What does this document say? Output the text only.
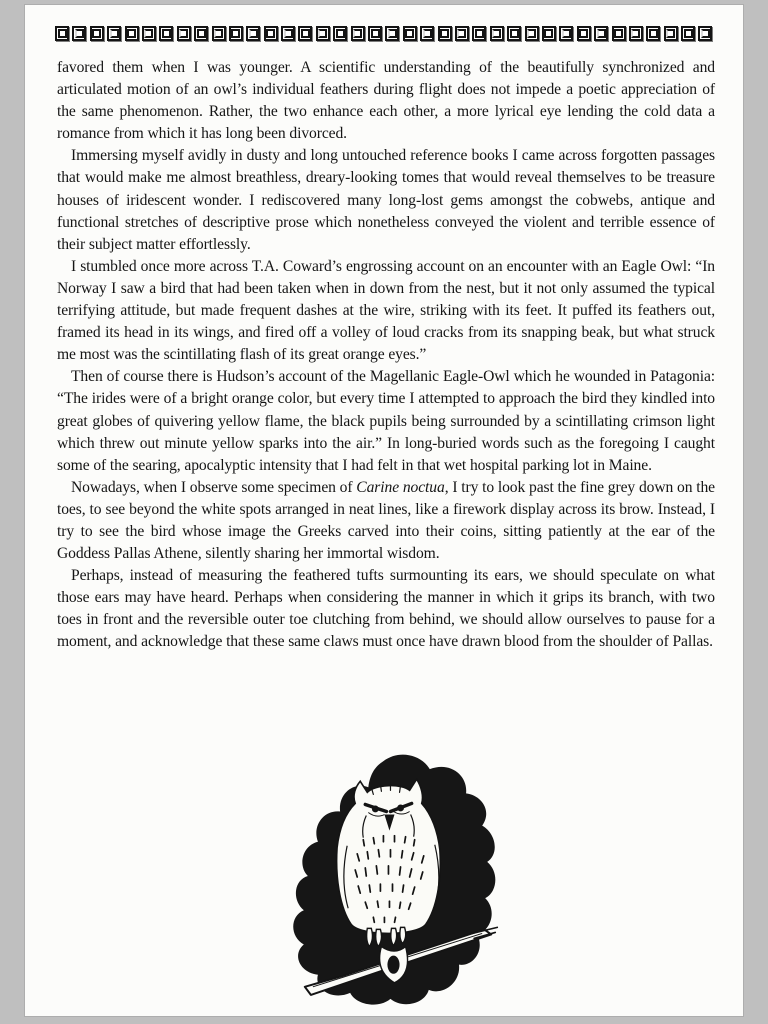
favored them when I was younger. A scientific understanding of the beautifully synchronized and articulated motion of an owl’s individual feathers during flight does not impede a poetic appreciation of the same phenomenon. Rather, the two enhance each other, a more lyrical eye lending the cold data a romance from which it has long been divorced.

Immersing myself avidly in dusty and long untouched reference books I came across forgotten passages that would make me almost breathless, dreary-looking tomes that would reveal themselves to be treasure houses of iridescent wonder. I rediscovered many long-lost gems amongst the cobwebs, antique and functional stretches of descriptive prose which nonetheless conveyed the violent and terrible essence of their subject matter effortlessly.

I stumbled once more across T.A. Coward’s engrossing account on an encounter with an Eagle Owl: “In Norway I saw a bird that had been taken when in down from the nest, but it not only assumed the typical terrifying attitude, but made frequent dashes at the wire, striking with its feet. It puffed its feathers out, framed its head in its wings, and fired off a volley of loud cracks from its snapping beak, but what struck me most was the scintillating flash of its great orange eyes.”

Then of course there is Hudson’s account of the Magellanic Eagle-Owl which he wounded in Patagonia: “The irides were of a bright orange color, but every time I attempted to approach the bird they kindled into great globes of quivering yellow flame, the black pupils being surrounded by a scintillating crimson light which threw out minute yellow sparks into the air.” In long-buried words such as the foregoing I caught some of the searing, apocalyptic intensity that I had felt in that wet hospital parking lot in Maine.

Nowadays, when I observe some specimen of Carine noctua, I try to look past the fine grey down on the toes, to see beyond the white spots arranged in neat lines, like a firework display across its brow. Instead, I try to see the bird whose image the Greeks carved into their coins, sitting patiently at the ear of the Goddess Pallas Athene, silently sharing her immortal wisdom.

Perhaps, instead of measuring the feathered tufts surmounting its ears, we should speculate on what those ears may have heard. Perhaps when considering the manner in which it grips its branch, with two toes in front and the reversible outer toe clutching from behind, we should allow ourselves to pause for a moment, and acknowledge that these same claws must once have drawn blood from the shoulder of Pallas.
